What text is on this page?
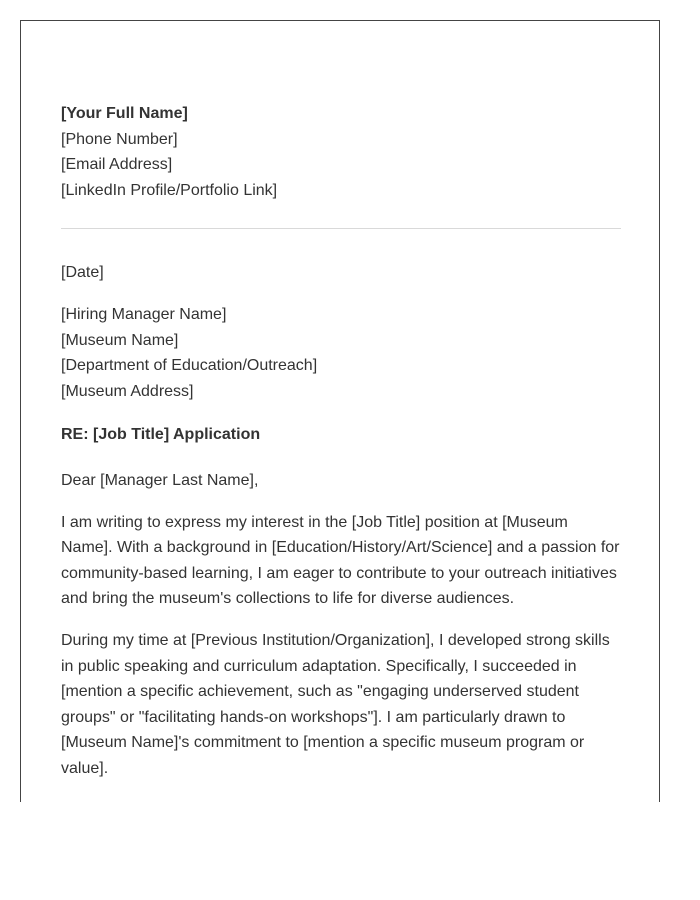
[Your Full Name]

[Phone Number]

[Email Address]

[LinkedIn Profile/Portfolio Link]

[Date]

[Hiring Manager Name]

[Museum Name]

[Department of Education/Outreach]

[Museum Address]

RE: [Job Title] Application

Dear [Manager Last Name],

I am writing to express my interest in the [Job Title] position at [Museum Name]. With a background in [Education/History/Art/Science] and a passion for community-based learning, I am eager to contribute to your outreach initiatives and bring the museum's collections to life for diverse audiences.

During my time at [Previous Institution/Organization], I developed strong skills in public speaking and curriculum adaptation. Specifically, I succeeded in [mention a specific achievement, such as "engaging underserved student groups" or "facilitating hands-on workshops"]. I am particularly drawn to [Museum Name]'s commitment to [mention a specific museum program or value].
